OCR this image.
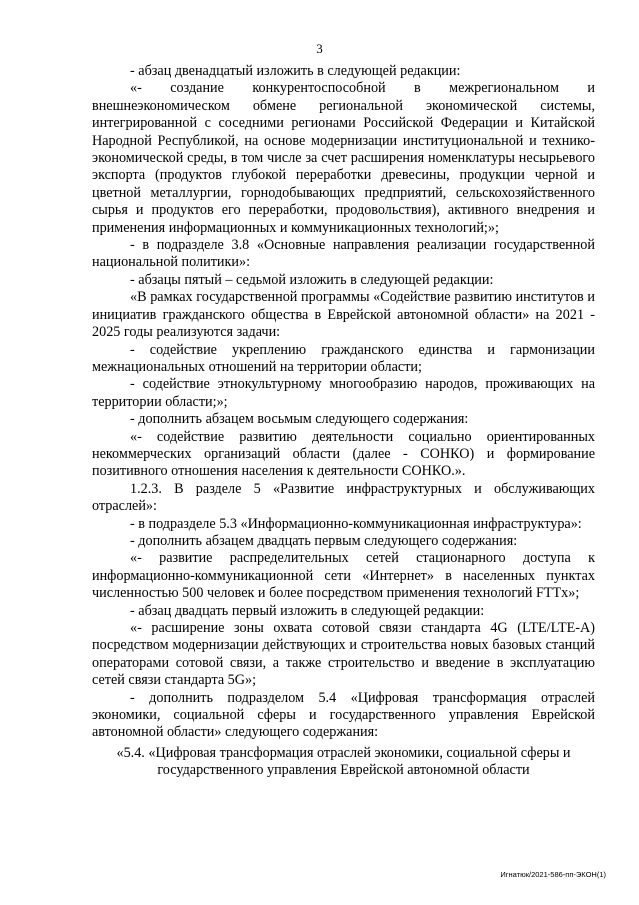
3

- абзац двенадцатый изложить в следующей редакции:

«- создание конкурентоспособной в межрегиональном и внешнеэкономическом обмене региональной экономической системы, интегрированной с соседними регионами Российской Федерации и Китайской Народной Республикой, на основе модернизации институциональной и технико-экономической среды, в том числе за счет расширения номенклатуры несырьевого экспорта (продуктов глубокой переработки древесины, продукции черной и цветной металлургии, горнодобывающих предприятий, сельскохозяйственного сырья и продуктов его переработки, продовольствия), активного внедрения и применения информационных и коммуникационных технологий;»;

- в подразделе 3.8 «Основные направления реализации государственной национальной политики»:

- абзацы пятый – седьмой изложить в следующей редакции:

«В рамках государственной программы «Содействие развитию институтов и инициатив гражданского общества в Еврейской автономной области» на 2021 - 2025 годы реализуются задачи:

- содействие укреплению гражданского единства и гармонизации межнациональных отношений на территории области;

- содействие этнокультурному многообразию народов, проживающих на территории области;»;

- дополнить абзацем восьмым следующего содержания:

«- содействие развитию деятельности социально ориентированных некоммерческих организаций области (далее - СОНКО) и формирование позитивного отношения населения к деятельности СОНКО.».

1.2.3. В разделе 5 «Развитие инфраструктурных и обслуживающих отраслей»:

- в подразделе 5.3 «Информационно-коммуникационная инфраструктура»:

- дополнить абзацем двадцать первым следующего содержания:

«- развитие распределительных сетей стационарного доступа к информационно-коммуникационной сети «Интернет» в населенных пунктах численностью 500 человек и более посредством применения технологий FTTx»;

- абзац двадцать первый изложить в следующей редакции:

«- расширение зоны охвата сотовой связи стандарта 4G (LTE/LTE-A) посредством модернизации действующих и строительства новых базовых станций операторами сотовой связи, а также строительство и введение в эксплуатацию сетей связи стандарта 5G»;

- дополнить подразделом 5.4 «Цифровая трансформация отраслей экономики, социальной сферы и государственного управления Еврейской автономной области» следующего содержания:

«5.4. «Цифровая трансформация отраслей экономики, социальной сферы и государственного управления Еврейской автономной области

Игнатюк/2021-586-пп-ЭКОН(1)
